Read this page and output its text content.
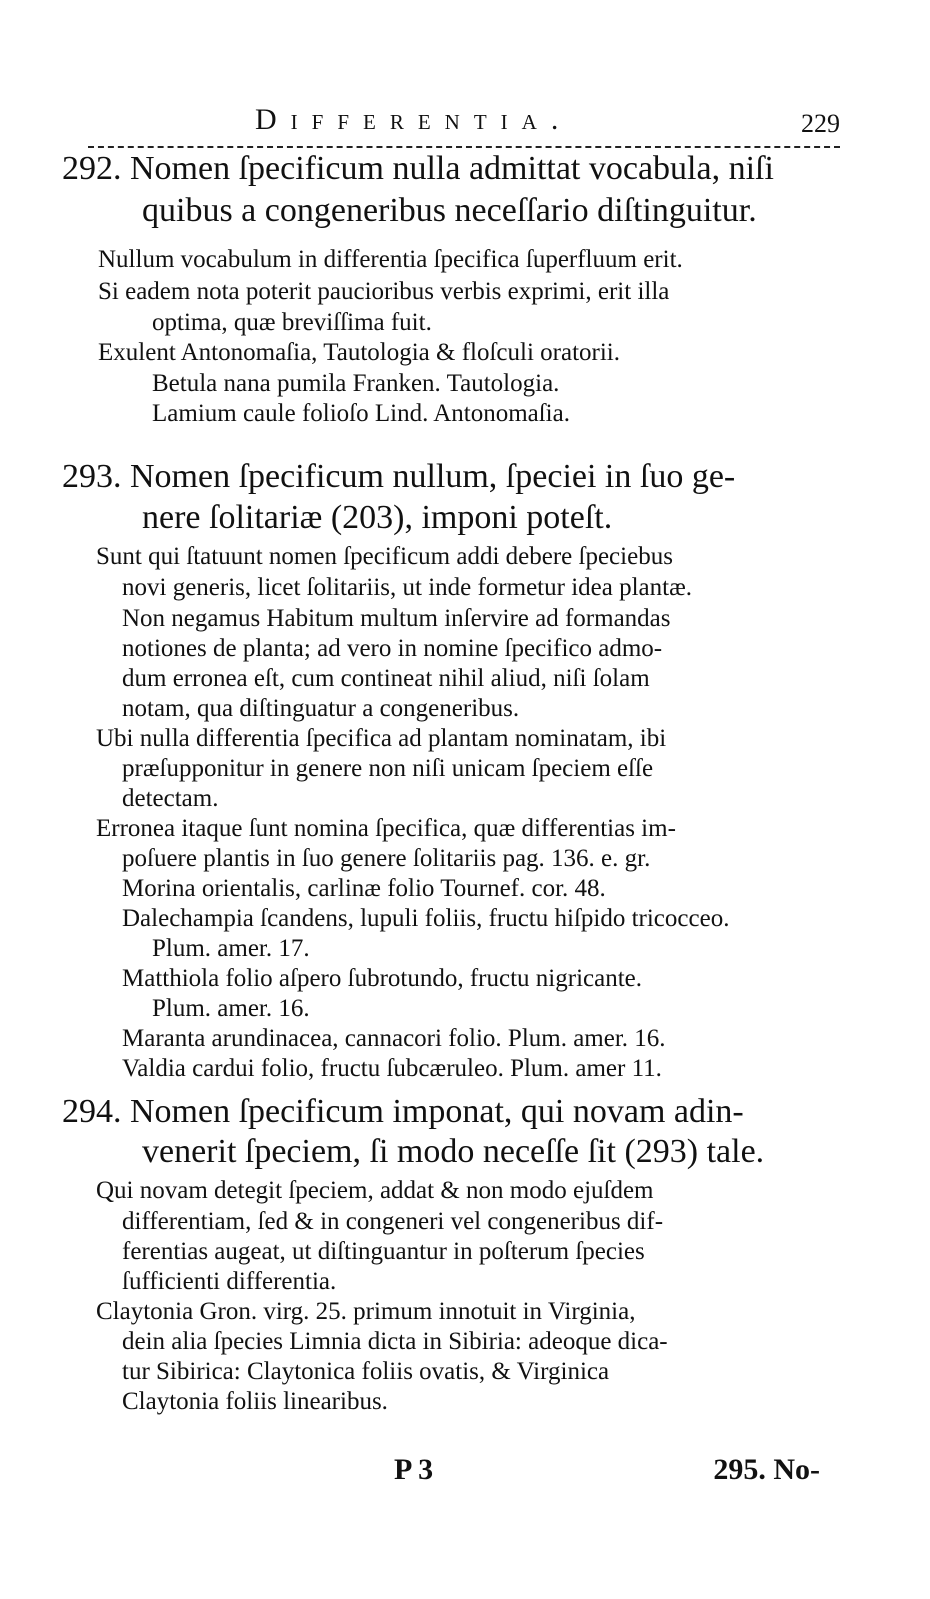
Differentia.	229
292. Nomen ſpecificum nulla admittat vocabula, niſi
quibus a congeneribus neceſſario diſtinguitur.
Nullum vocabulum in differentia ſpecifica ſuperfluum erit.
Si eadem nota poterit paucioribus verbis exprimi, erit illa
optima, quæ breviſſima fuit.
Exulent Antonomaſia, Tautologia & floſculi oratorii.
Betula nana pumila Franken. Tautologia.
Lamium caule folioſo Lind. Antonomaſia.
293. Nomen ſpecificum nullum, ſpeciei in ſuo ge-
nere ſolitariæ (203), imponi poteſt.
Sunt qui ſtatuunt nomen ſpecificum addi debere ſpeciebus
novi generis, licet ſolitariis, ut inde formetur idea plantæ.
Non negamus Habitum multum inſervire ad formandas
notiones de planta; ad vero in nomine ſpecifico admo-
dum erronea eſt, cum contineat nihil aliud, niſi ſolam
notam, qua diſtinguatur a congeneribus.
Ubi nulla differentia ſpecifica ad plantam nominatam, ibi
præſupponitur in genere non niſi unicam ſpeciem eſſe
detectam.
Erronea itaque ſunt nomina ſpecifica, quæ differentias im-
poſuere plantis in ſuo genere ſolitariis pag. 136. e. gr.
Morina orientalis, carlinæ folio Tournef. cor. 48.
Dalechampia ſcandens, lupuli foliis, fructu hiſpido tricocceo.
Plum. amer. 17.
Matthiola folio aſpero ſubrotundo, fructu nigricante.
Plum. amer. 16.
Maranta arundinacea, cannacori folio. Plum. amer. 16.
Valdia cardui folio, fructu ſubcæruleo. Plum. amer 11.
294. Nomen ſpecificum imponat, qui novam adin-
venerit ſpeciem, ſi modo neceſſe ſit (293) tale.
Qui novam detegit ſpeciem, addat & non modo ejuſdem
differentiam, ſed & in congeneri vel congeneribus dif-
ferentias augeat, ut diſtinguantur in poſterum ſpecies
ſufficienti differentia.
Claytonia Gron. virg. 25. primum innotuit in Virginia,
dein alia ſpecies Limnia dicta in Sibiria: adeoque dica-
tur Sibirica: Claytonica foliis ovatis, & Virginica
Claytonia foliis linearibus.
P 3	295. No-
